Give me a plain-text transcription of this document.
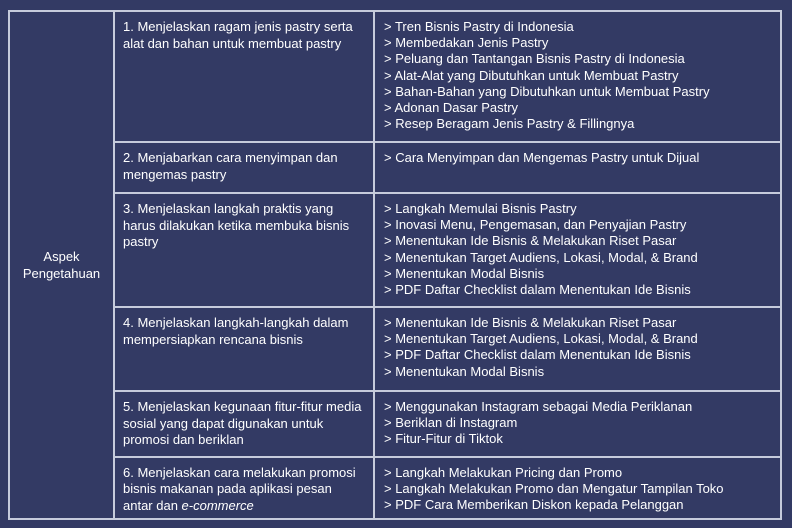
Aspek Pengetahuan
1. Menjelaskan ragam jenis pastry serta alat dan bahan untuk membuat pastry
> Tren Bisnis Pastry di Indonesia
> Membedakan Jenis Pastry
> Peluang dan Tantangan Bisnis Pastry di Indonesia
> Alat-Alat yang Dibutuhkan untuk Membuat Pastry
> Bahan-Bahan yang Dibutuhkan untuk Membuat Pastry
> Adonan Dasar Pastry
> Resep Beragam Jenis Pastry & Fillingnya
2. Menjabarkan cara menyimpan dan mengemas pastry
> Cara Menyimpan dan Mengemas Pastry untuk Dijual
3. Menjelaskan langkah praktis yang harus dilakukan ketika membuka bisnis pastry
> Langkah Memulai Bisnis Pastry
> Inovasi Menu, Pengemasan, dan Penyajian Pastry
> Menentukan Ide Bisnis & Melakukan Riset Pasar
> Menentukan Target Audiens, Lokasi, Modal, & Brand
> Menentukan Modal Bisnis
> PDF Daftar Checklist dalam Menentukan Ide Bisnis
4. Menjelaskan langkah-langkah dalam mempersiapkan rencana bisnis
> Menentukan Ide Bisnis & Melakukan Riset Pasar
> Menentukan Target Audiens, Lokasi, Modal, & Brand
> PDF Daftar Checklist dalam Menentukan Ide Bisnis
> Menentukan Modal Bisnis
5. Menjelaskan kegunaan fitur-fitur media sosial yang dapat digunakan untuk promosi dan beriklan
> Menggunakan Instagram sebagai Media Periklanan
> Beriklan di Instagram
> Fitur-Fitur di Tiktok
6. Menjelaskan cara melakukan promosi bisnis makanan pada aplikasi pesan antar dan e-commerce
> Langkah Melakukan Pricing dan Promo
> Langkah Melakukan Promo dan Mengatur Tampilan Toko
> PDF Cara Memberikan Diskon kepada Pelanggan
